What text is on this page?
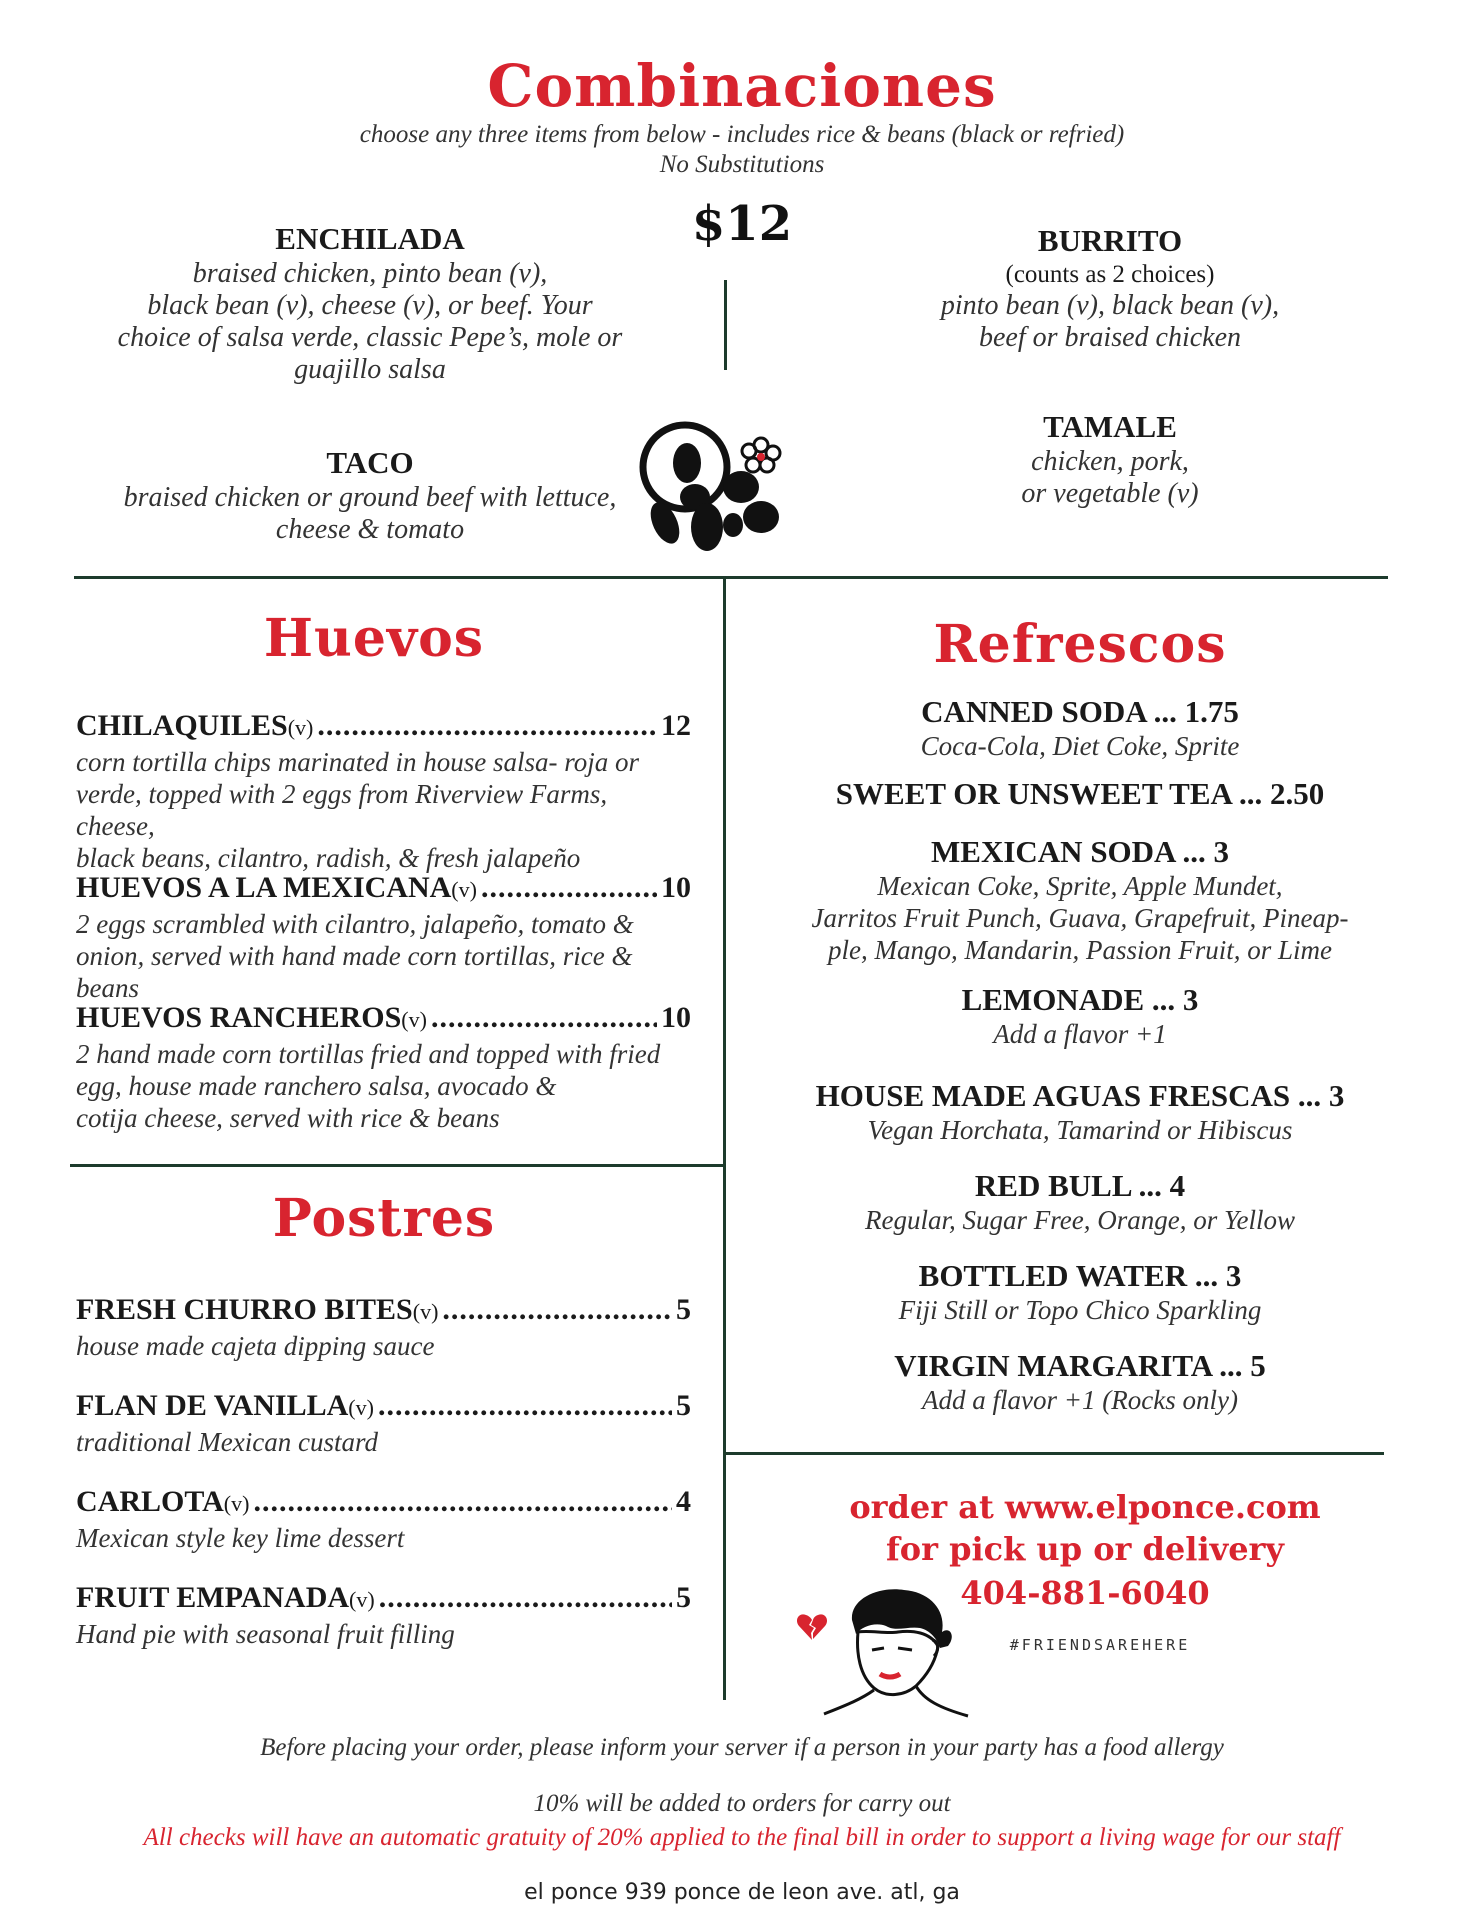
Combinaciones
choose any three items from below - includes rice & beans (black or refried)
No Substitutions
$12
ENCHILADA
braised chicken, pinto bean (v),
black bean (v), cheese (v), or beef. Your
choice of salsa verde, classic Pepe’s, mole or
guajillo salsa
BURRITO
(counts as 2 choices)
pinto bean (v), black bean (v),
beef or braised chicken
TACO
braised chicken or ground beef with lettuce,
cheese & tomato
TAMALE
chicken, pork,
or vegetable (v)
Huevos
CHILAQUILES (v) .....	12
corn tortilla chips marinated in house salsa- roja or
verde, topped with 2 eggs from Riverview Farms, cheese,
black beans, cilantro, radish, & fresh jalapeño
HUEVOS A LA MEXICANA (v) .....	10
2 eggs scrambled with cilantro, jalapeño, tomato &
onion, served with hand made corn tortillas, rice &
beans
HUEVOS RANCHEROS (v) .....	10
2 hand made corn tortillas fried and topped with fried
egg, house made ranchero salsa, avocado &
cotija cheese, served with rice & beans
Postres
FRESH CHURRO BITES (v) .....	5
house made cajeta dipping sauce
FLAN DE VANILLA (v) .....	5
traditional Mexican custard
CARLOTA (v) .....	4
Mexican style key lime dessert
FRUIT EMPANADA (v) .....	5
Hand pie with seasonal fruit filling
Refrescos
CANNED SODA ... 1.75
Coca-Cola, Diet Coke, Sprite
SWEET OR UNSWEET TEA ... 2.50
MEXICAN SODA ... 3
Mexican Coke, Sprite, Apple Mundet,
Jarritos Fruit Punch, Guava, Grapefruit, Pineap-
ple, Mango, Mandarin, Passion Fruit, or Lime
LEMONADE ... 3
Add a flavor +1
HOUSE MADE AGUAS FRESCAS ... 3
Vegan Horchata, Tamarind or Hibiscus
RED BULL ... 4
Regular, Sugar Free, Orange, or Yellow
BOTTLED WATER ... 3
Fiji Still or Topo Chico Sparkling
VIRGIN MARGARITA ... 5
Add a flavor +1 (Rocks only)
order at www.elponce.com
for pick up or delivery
404-881-6040
#FRIENDSAREHERE
Before placing your order, please inform your server if a person in your party has a food allergy
10% will be added to orders for carry out
All checks will have an automatic gratuity of 20% applied to the final bill in order to support a living wage for our staff
el ponce 939 ponce de leon ave. atl, ga
